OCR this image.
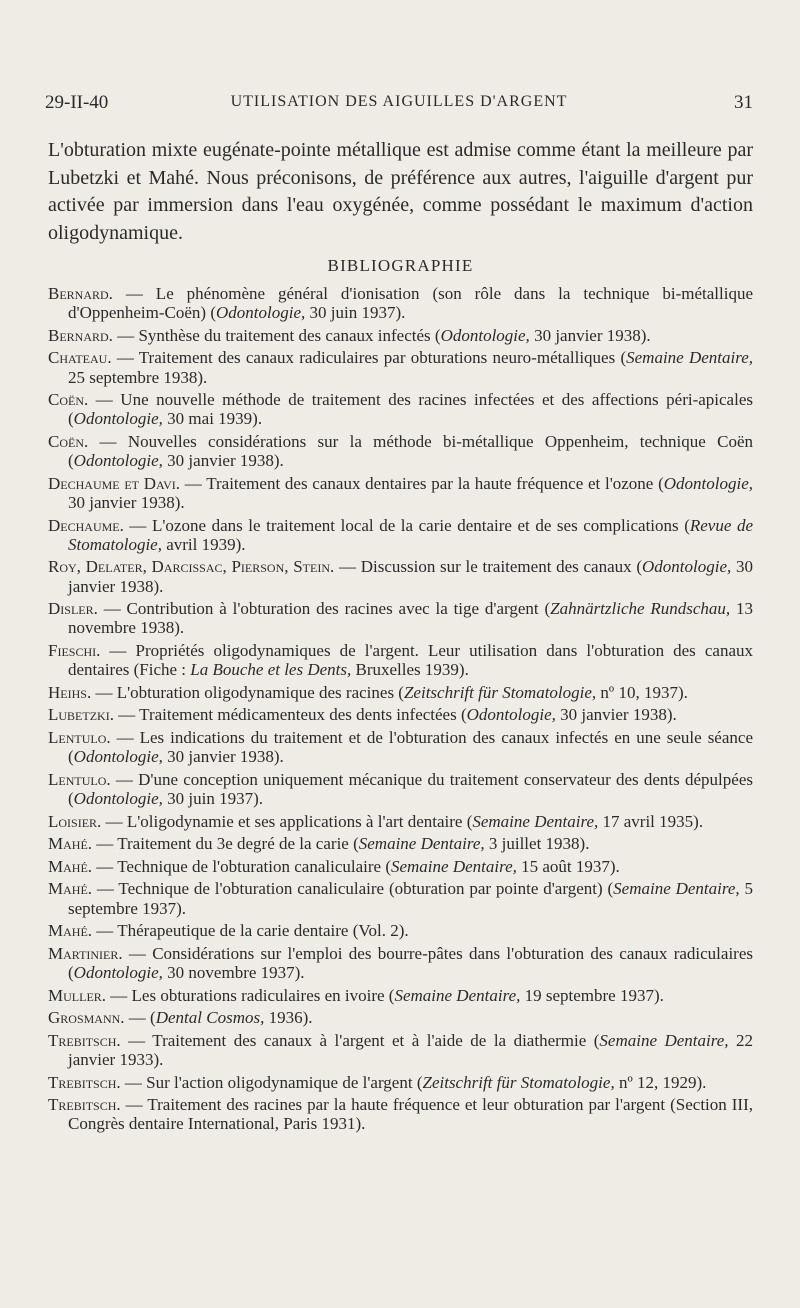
29-II-40	UTILISATION DES AIGUILLES D'ARGENT	31

L'obturation mixte eugénate-pointe métallique est admise comme étant la meilleure par Lubetzki et Mahé. Nous préconisons, de préférence aux autres, l'aiguille d'argent pur activée par immersion dans l'eau oxygénée, comme possédant le maximum d'action oligodynamique.

BIBLIOGRAPHIE

Bernard. — Le phénomène général d'ionisation (son rôle dans la technique bi-métallique d'Oppenheim-Coën) (Odontologie, 30 juin 1937).

Bernard. — Synthèse du traitement des canaux infectés (Odontologie, 30 janvier 1938).

Chateau. — Traitement des canaux radiculaires par obturations neuro-métalliques (Semaine Dentaire, 25 septembre 1938).

Coën. — Une nouvelle méthode de traitement des racines infectées et des affections péri-apicales (Odontologie, 30 mai 1939).

Coën. — Nouvelles considérations sur la méthode bi-métallique Oppenheim, technique Coën (Odontologie, 30 janvier 1938).

Dechaume et Davi. — Traitement des canaux dentaires par la haute fréquence et l'ozone (Odontologie, 30 janvier 1938).

Dechaume. — L'ozone dans le traitement local de la carie dentaire et de ses complications (Revue de Stomatologie, avril 1939).

Roy, Delater, Darcissac, Pierson, Stein. — Discussion sur le traitement des canaux (Odontologie, 30 janvier 1938).

Disler. — Contribution à l'obturation des racines avec la tige d'argent (Zahnärtzliche Rundschau, 13 novembre 1938).

Fieschi. — Propriétés oligodynamiques de l'argent. Leur utilisation dans l'obturation des canaux dentaires (Fiche : La Bouche et les Dents, Bruxelles 1939).

Heihs. — L'obturation oligodynamique des racines (Zeitschrift für Stomatologie, nº 10, 1937).

Lubetzki. — Traitement médicamenteux des dents infectées (Odontologie, 30 janvier 1938).

Lentulo. — Les indications du traitement et de l'obturation des canaux infectés en une seule séance (Odontologie, 30 janvier 1938).

Lentulo. — D'une conception uniquement mécanique du traitement conservateur des dents dépulpées (Odontologie, 30 juin 1937).

Loisier. — L'oligodynamie et ses applications à l'art dentaire (Semaine Dentaire, 17 avril 1935).

Mahé. — Traitement du 3e degré de la carie (Semaine Dentaire, 3 juillet 1938).

Mahé. — Technique de l'obturation canaliculaire (Semaine Dentaire, 15 août 1937).

Mahé. — Technique de l'obturation canaliculaire (obturation par pointe d'argent) (Semaine Dentaire, 5 septembre 1937).

Mahé. — Thérapeutique de la carie dentaire (Vol. 2).

Martinier. — Considérations sur l'emploi des bourre-pâtes dans l'obturation des canaux radiculaires (Odontologie, 30 novembre 1937).

Muller. — Les obturations radiculaires en ivoire (Semaine Dentaire, 19 septembre 1937).

Grosmann. — (Dental Cosmos, 1936).

Trebitsch. — Traitement des canaux à l'argent et à l'aide de la diathermie (Semaine Dentaire, 22 janvier 1933).

Trebitsch. — Sur l'action oligodynamique de l'argent (Zeitschrift für Stomatologie, nº 12, 1929).

Trebitsch. — Traitement des racines par la haute fréquence et leur obturation par l'argent (Section III, Congrès dentaire International, Paris 1931).
